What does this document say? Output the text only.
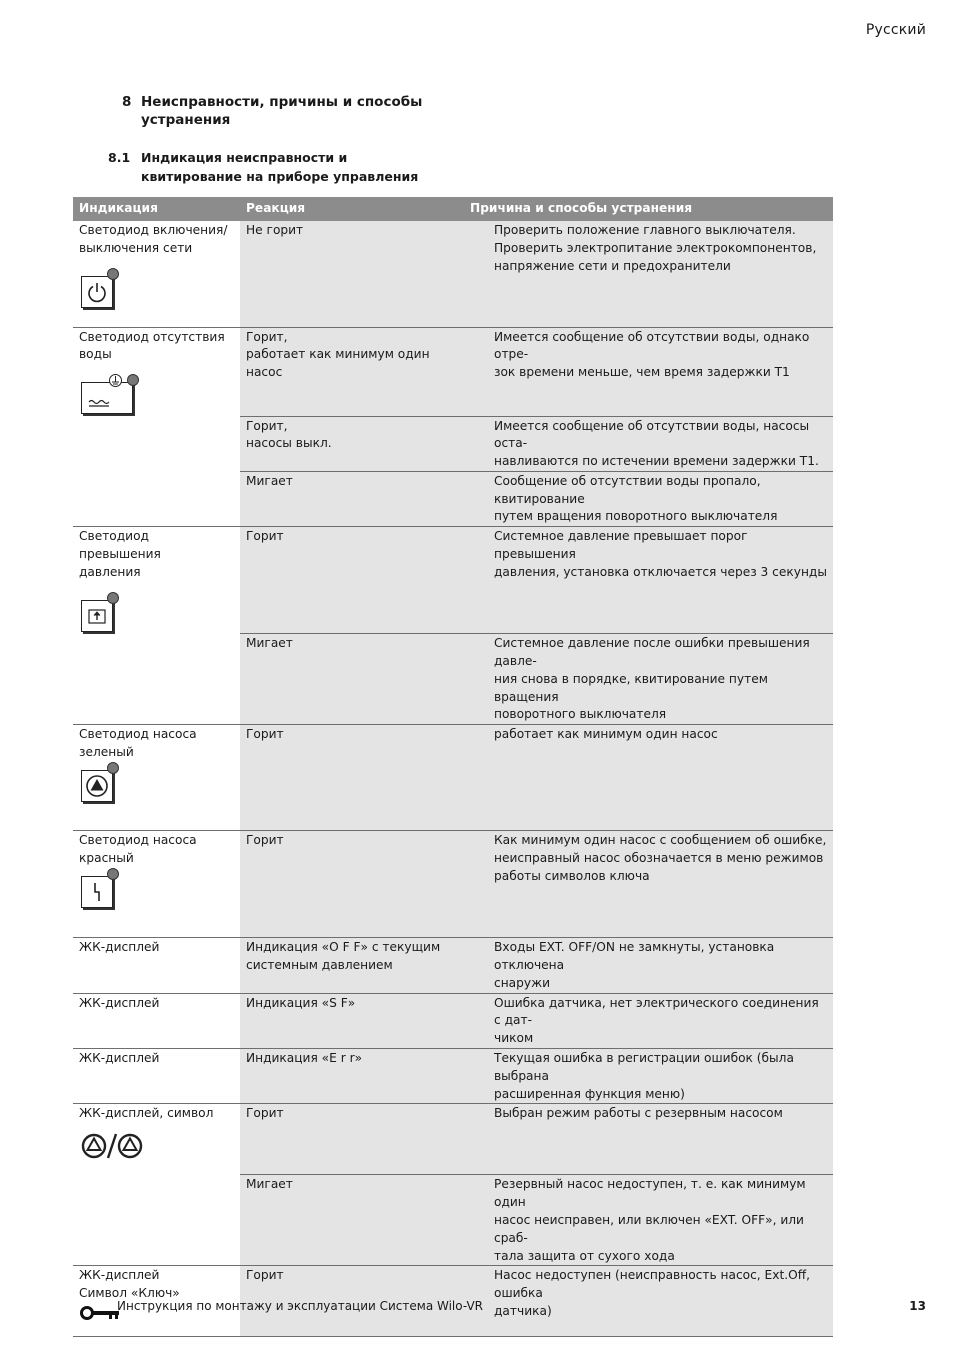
Русский
8 Неисправности, причины и способы устранения
8.1 Индикация неисправности и квитирование на приборе управления
Индикация	Реакция	Причина и способы устранения

Светодиод включения/
выключения сети	Не горит	Проверить положение главного выключателя.
Проверить электропитание электрокомпонентов,
напряжение сети и предохранители

Светодиод отсутствия
воды	Горит,
работает как минимум один
насос	Имеется сообщение об отсутствии воды, однако отре-
зок времени меньше, чем время задержки T1

	Горит,
насосы выкл.	Имеется сообщение об отсутствии воды, насосы оста-
навливаются по истечении времени задержки T1.

	Мигает	Сообщение об отсутствии воды пропало, квитирование
путем вращения поворотного выключателя

Светодиод превышения
давления	Горит	Системное давление превышает порог превышения
давления, установка отключается через 3 секунды

	Мигает	Системное давление после ошибки превышения давле-
ния снова в порядке, квитирование путем вращения
поворотного выключателя

Светодиод насоса
зеленый	Горит	работает как минимум один насос

Светодиод насоса
красный	Горит	Как минимум один насос с сообщением об ошибке,
неисправный насос обозначается в меню режимов
работы символов ключа

ЖК-дисплей	Индикация «O F F» с текущим
системным давлением	Входы EXT. OFF/ON не замкнуты, установка отключена
снаружи

ЖК-дисплей	Индикация «S F»	Ошибка датчика, нет электрического соединения с дат-
чиком

ЖК-дисплей	Индикация «E r r»	Текущая ошибка в регистрации ошибок (была выбрана
расширенная функция меню)

ЖК-дисплей, символ	Горит	Выбран режим работы с резервным насосом

	Мигает	Резервный насос недоступен, т. е. как минимум один
насос неисправен, или включен «EXT. OFF», или сраб-
тала защита от сухого хода

ЖК-дисплей
Символ «Ключ»	Горит	Насос недоступен (неисправность насос, Ext.Off, ошибка
датчика)
Инструкция по монтажу и эксплуатации Система Wilo-VR	13
